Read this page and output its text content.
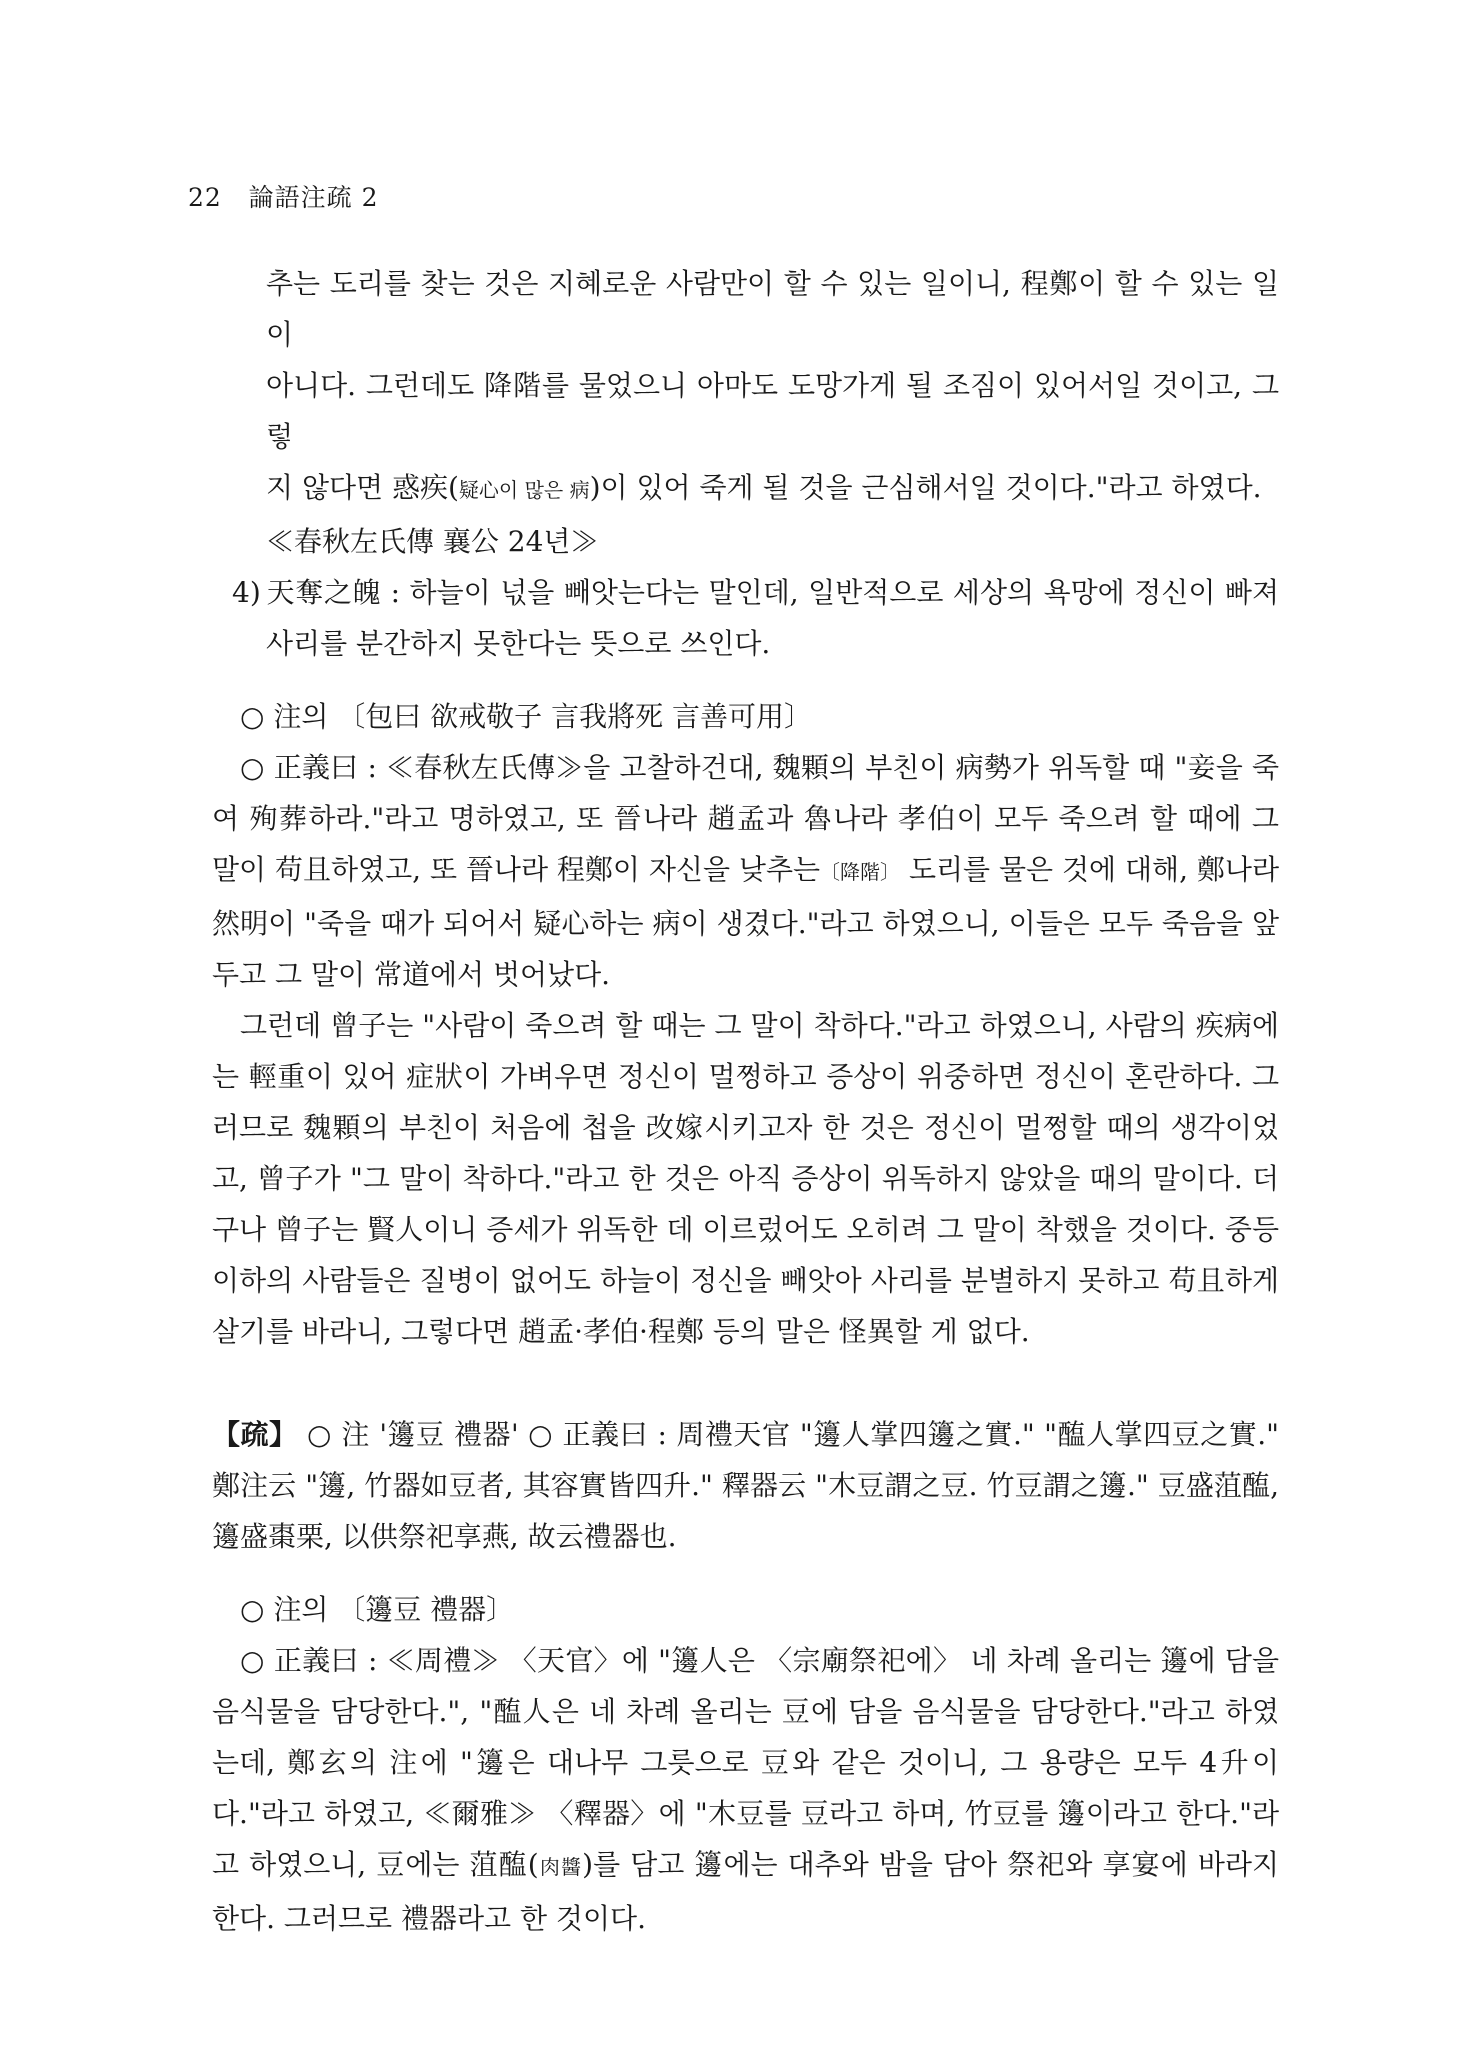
22 論語注疏 2

추는 도리를 찾는 것은 지혜로운 사람만이 할 수 있는 일이니, 程鄭이 할 수 있는 일이

아니다. 그런데도 降階를 물었으니 아마도 도망가게 될 조짐이 있어서일 것이고, 그렇

지 않다면 惑疾(疑心이 많은 病)이 있어 죽게 될 것을 근심해서일 것이다."라고 하였다.

≪春秋左氏傳 襄公 24년≫

4) 天奪之魄 : 하늘이 넋을 빼앗는다는 말인데, 일반적으로 세상의 욕망에 정신이 빠져 사리를 분간하지 못한다는 뜻으로 쓰인다.

○ 注의 〔包曰 欲戒敬子 言我將死 言善可用〕

○ 正義曰 : ≪春秋左氏傳≫을 고찰하건대, 魏顆의 부친이 病勢가 위독할 때 "妾을 죽여 殉葬하라."라고 명하였고, 또 晉나라 趙孟과 魯나라 孝伯이 모두 죽으려 할 때에 그 말이 苟且하였고, 또 晉나라 程鄭이 자신을 낮추는〔降階〕 도리를 물은 것에 대해, 鄭나라 然明이 "죽을 때가 되어서 疑心하는 病이 생겼다."라고 하였으니, 이들은 모두 죽음을 앞두고 그 말이 常道에서 벗어났다.

그런데 曾子는 "사람이 죽으려 할 때는 그 말이 착하다."라고 하였으니, 사람의 疾病에는 輕重이 있어 症狀이 가벼우면 정신이 멀쩡하고 증상이 위중하면 정신이 혼란하다. 그러므로 魏顆의 부친이 처음에 첩을 改嫁시키고자 한 것은 정신이 멀쩡할 때의 생각이었고, 曾子가 "그 말이 착하다."라고 한 것은 아직 증상이 위독하지 않았을 때의 말이다. 더구나 曾子는 賢人이니 증세가 위독한 데 이르렀어도 오히려 그 말이 착했을 것이다. 중등 이하의 사람들은 질병이 없어도 하늘이 정신을 빼앗아 사리를 분별하지 못하고 苟且하게 살기를 바라니, 그렇다면 趙孟·孝伯·程鄭 등의 말은 怪異할 게 없다.

【疏】 ○ 注 '籩豆 禮器' ○ 正義曰 : 周禮天官 "籩人掌四籩之實." "醢人掌四豆之實." 鄭注云 "籩, 竹器如豆者, 其容實皆四升." 釋器云 "木豆謂之豆. 竹豆謂之籩." 豆盛菹醢, 籩盛棗栗, 以供祭祀享燕, 故云禮器也.

○ 注의 〔籩豆 禮器〕

○ 正義曰 : ≪周禮≫ 〈天官〉에 "籩人은 〈宗廟祭祀에〉 네 차례 올리는 籩에 담을 음식물을 담당한다.", "醢人은 네 차례 올리는 豆에 담을 음식물을 담당한다."라고 하였는데, 鄭玄의 注에 "籩은 대나무 그릇으로 豆와 같은 것이니, 그 용량은 모두 4升이다."라고 하였고, ≪爾雅≫ 〈釋器〉에 "木豆를 豆라고 하며, 竹豆를 籩이라고 한다."라고 하였으니, 豆에는 菹醢(肉醬)를 담고 籩에는 대추와 밤을 담아 祭祀와 享宴에 바라지한다. 그러므로 禮器라고 한 것이다.
